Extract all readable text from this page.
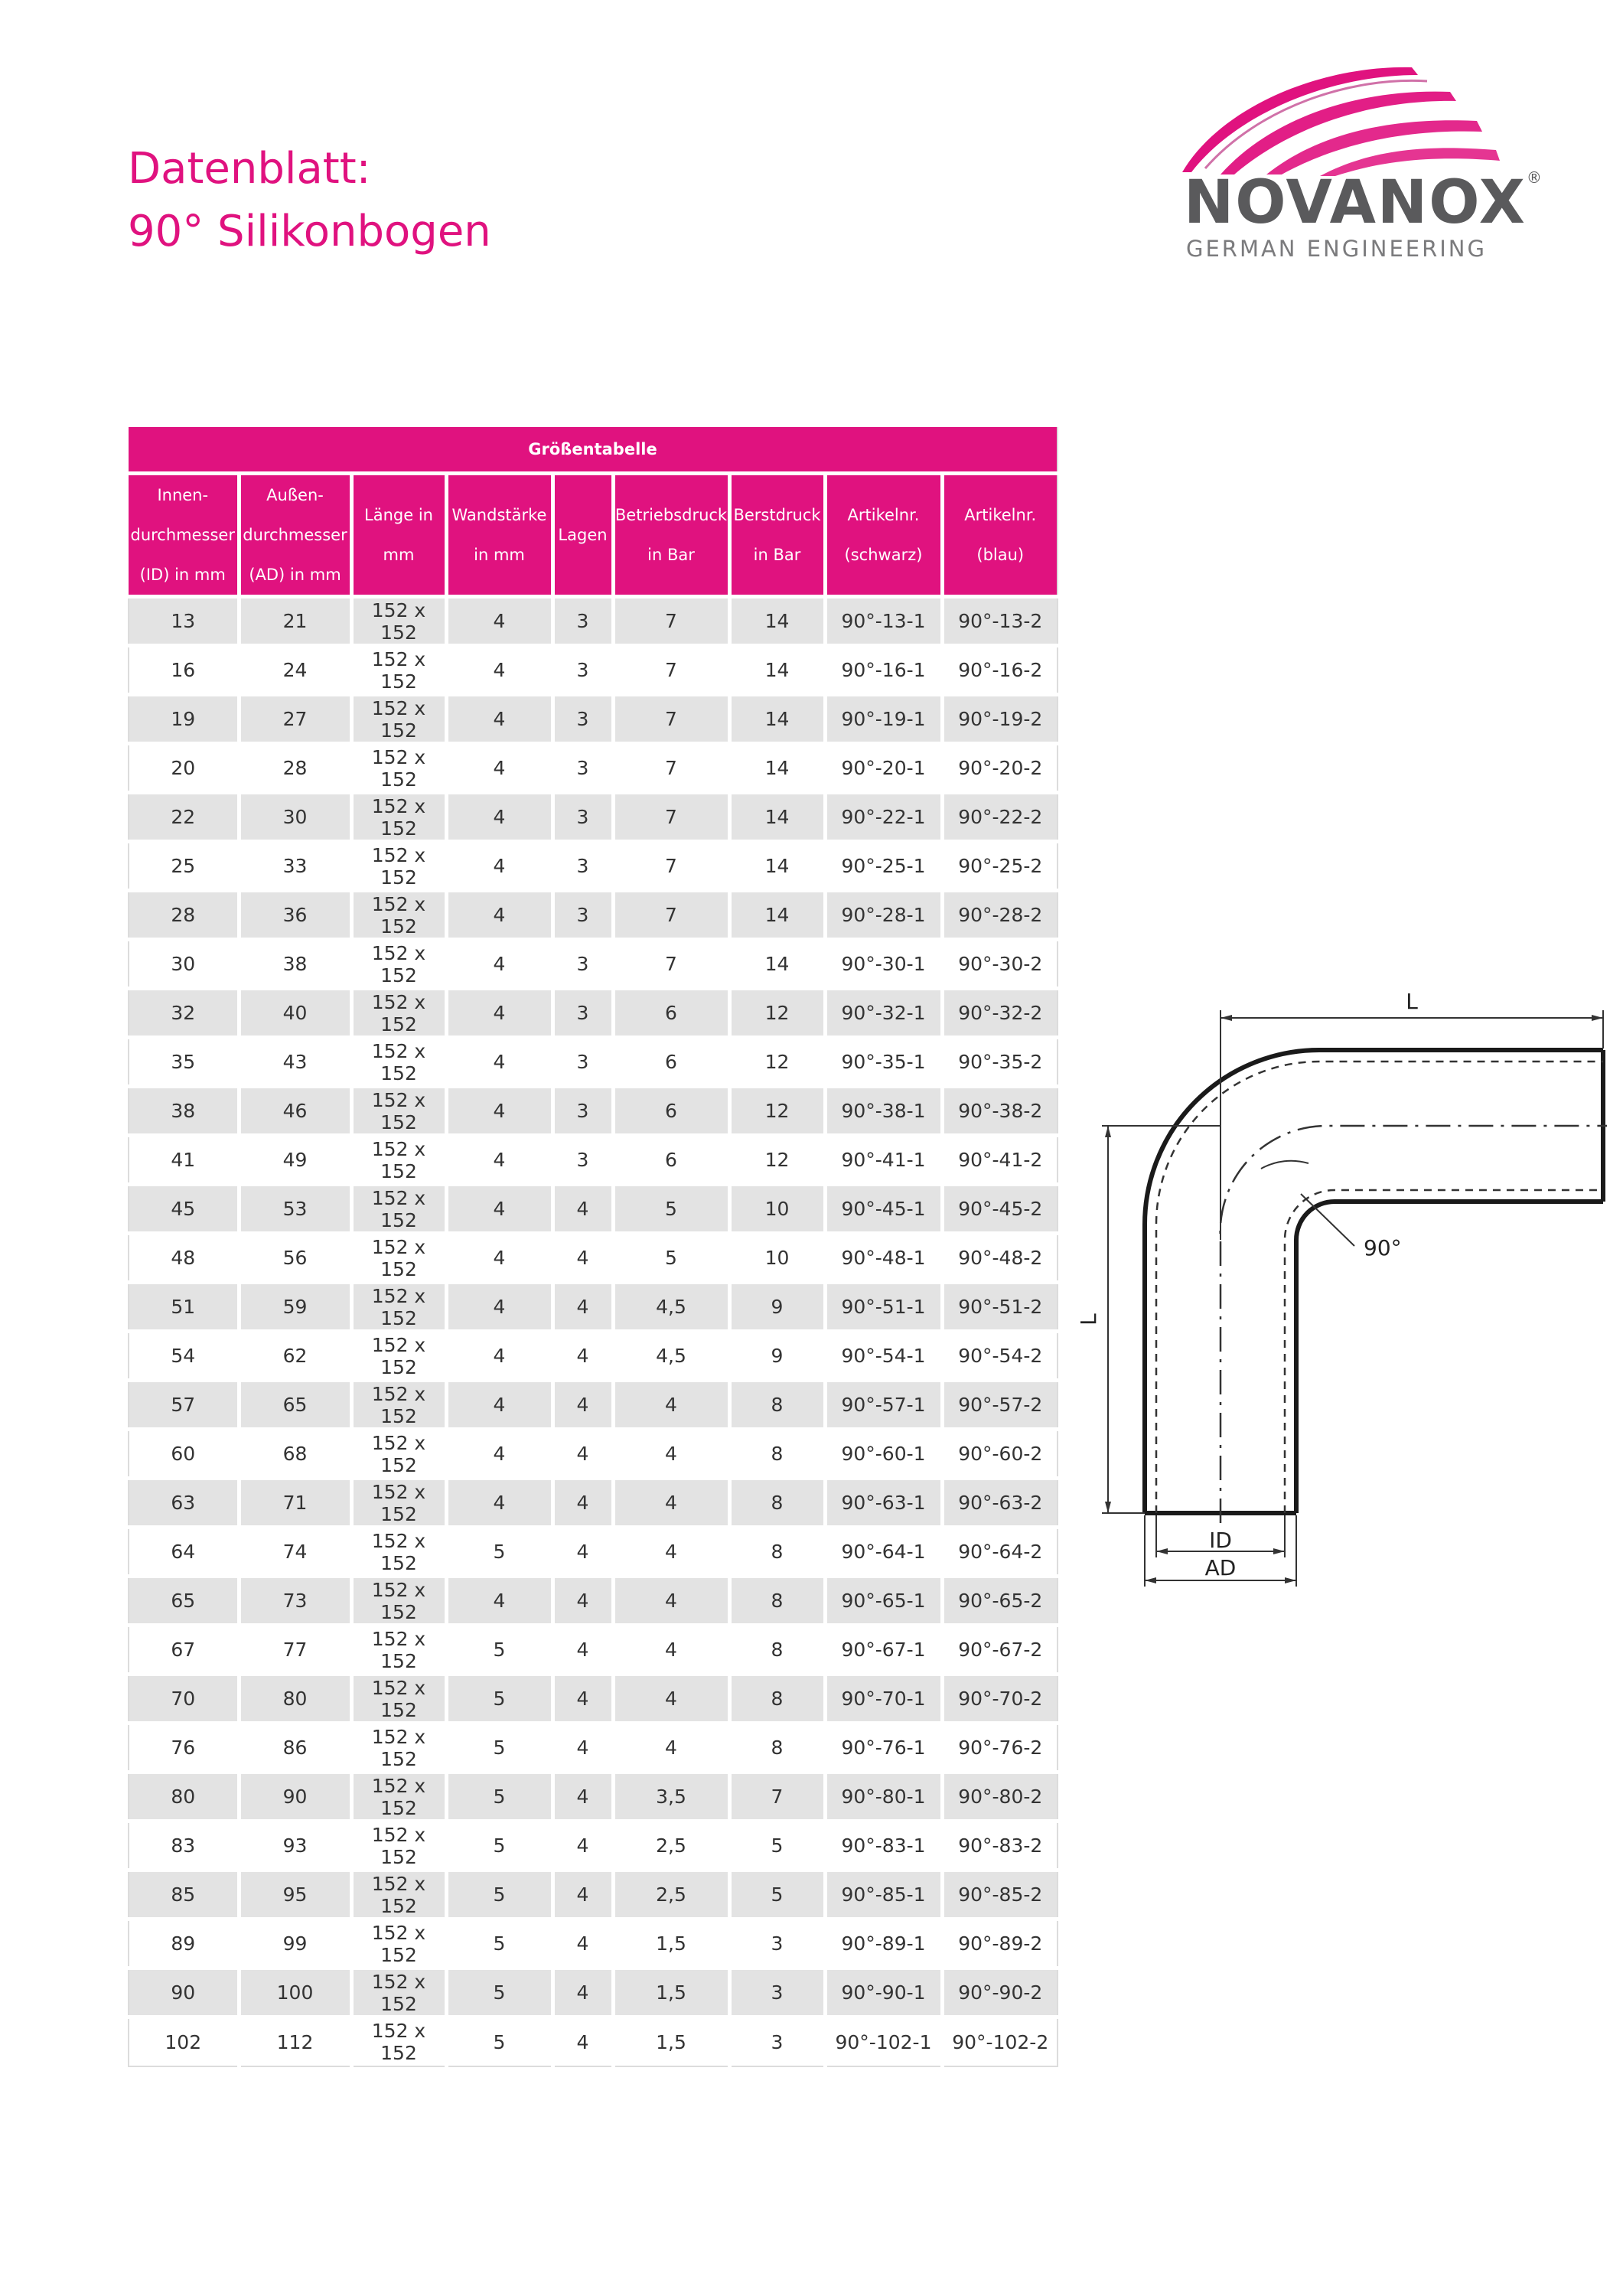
Datenblatt:
90° Silikonbogen	NOVANOX®
GERMAN ENGINEERING
Größentabelle								

Innen-
durchmesser
(ID) in mm	Außen-
durchmesser
(AD) in mm	Länge in
mm	Wandstärke
in mm	Lagen	Betriebsdruck
in Bar	Berstdruck
in Bar	Artikelnr.
(schwarz)	Artikelnr.
(blau)

13	21	152 x 152	4	3	7	14	90°-13-1	90°-13-2
16	24	152 x 152	4	3	7	14	90°-16-1	90°-16-2
19	27	152 x 152	4	3	7	14	90°-19-1	90°-19-2
20	28	152 x 152	4	3	7	14	90°-20-1	90°-20-2
22	30	152 x 152	4	3	7	14	90°-22-1	90°-22-2
25	33	152 x 152	4	3	7	14	90°-25-1	90°-25-2
28	36	152 x 152	4	3	7	14	90°-28-1	90°-28-2
30	38	152 x 152	4	3	7	14	90°-30-1	90°-30-2
32	40	152 x 152	4	3	6	12	90°-32-1	90°-32-2
35	43	152 x 152	4	3	6	12	90°-35-1	90°-35-2
38	46	152 x 152	4	3	6	12	90°-38-1	90°-38-2
41	49	152 x 152	4	3	6	12	90°-41-1	90°-41-2
45	53	152 x 152	4	4	5	10	90°-45-1	90°-45-2
48	56	152 x 152	4	4	5	10	90°-48-1	90°-48-2
51	59	152 x 152	4	4	4,5	9	90°-51-1	90°-51-2
54	62	152 x 152	4	4	4,5	9	90°-54-1	90°-54-2
57	65	152 x 152	4	4	4	8	90°-57-1	90°-57-2
60	68	152 x 152	4	4	4	8	90°-60-1	90°-60-2
63	71	152 x 152	4	4	4	8	90°-63-1	90°-63-2
64	74	152 x 152	5	4	4	8	90°-64-1	90°-64-2
65	73	152 x 152	4	4	4	8	90°-65-1	90°-65-2
67	77	152 x 152	5	4	4	8	90°-67-1	90°-67-2
70	80	152 x 152	5	4	4	8	90°-70-1	90°-70-2
76	86	152 x 152	5	4	4	8	90°-76-1	90°-76-2
80	90	152 x 152	5	4	3,5	7	90°-80-1	90°-80-2
83	93	152 x 152	5	4	2,5	5	90°-83-1	90°-83-2
85	95	152 x 152	5	4	2,5	5	90°-85-1	90°-85-2
89	99	152 x 152	5	4	1,5	3	90°-89-1	90°-89-2
90	100	152 x 152	5	4	1,5	3	90°-90-1	90°-90-2
102	112	152 x 152	5	4	1,5	3	90°-102-1	90°-102-2
L
L
90°
ID
AD
